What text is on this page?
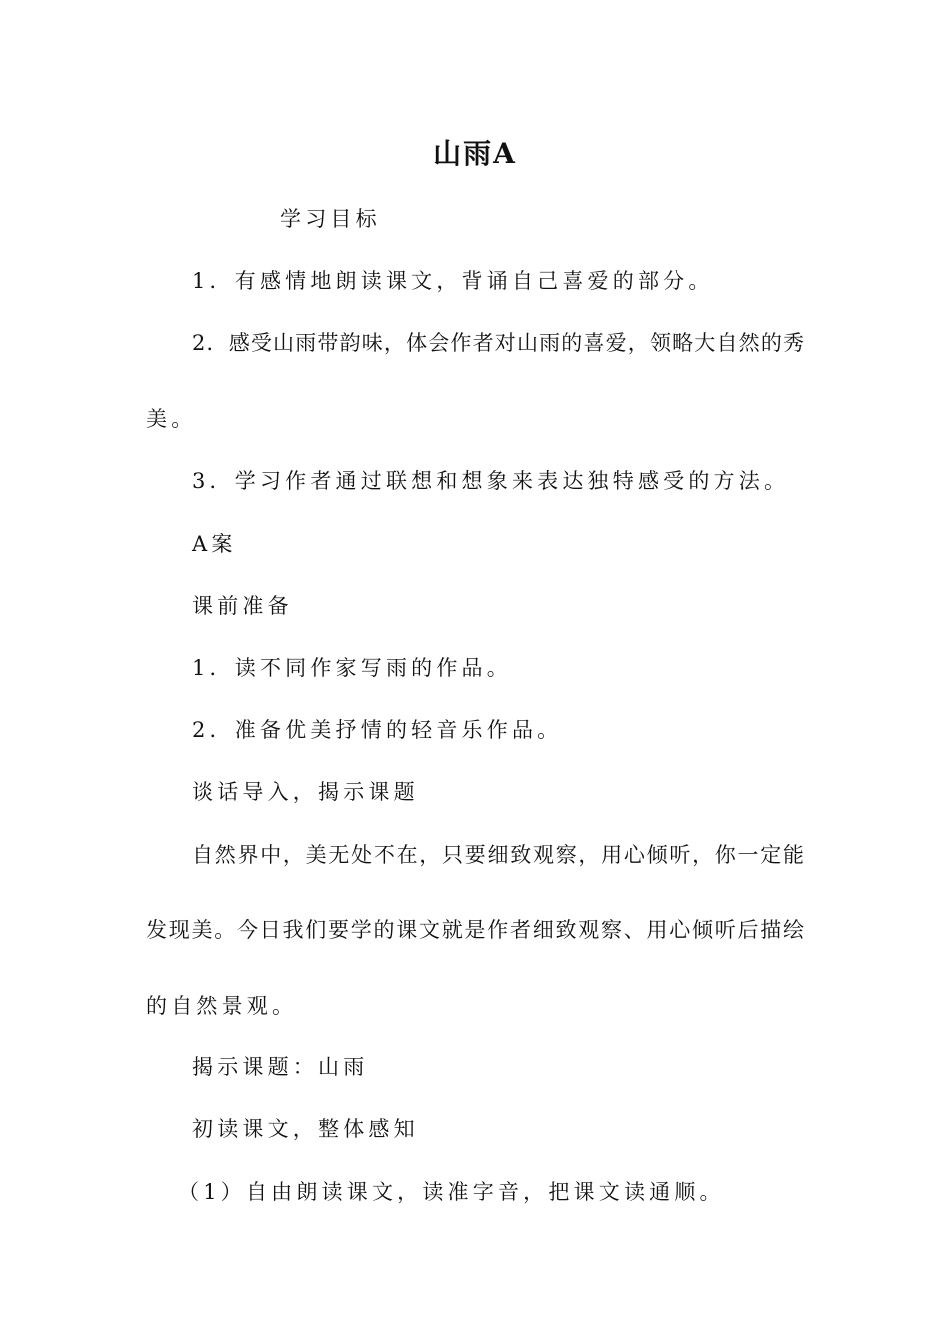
山雨A
学习目标
1．有感情地朗读课文，背诵自己喜爱的部分。
2．感受山雨带韵味，体会作者对山雨的喜爱，领略大自然的秀
美。
3．学习作者通过联想和想象来表达独特感受的方法。
A案
课前准备
1．读不同作家写雨的作品。
2．准备优美抒情的轻音乐作品。
谈话导入，揭示课题
自然界中，美无处不在，只要细致观察，用心倾听，你一定能
发现美。今日我们要学的课文就是作者细致观察、用心倾听后描绘
的自然景观。
揭示课题：山雨
初读课文，整体感知
（1）自由朗读课文，读准字音，把课文读通顺。
